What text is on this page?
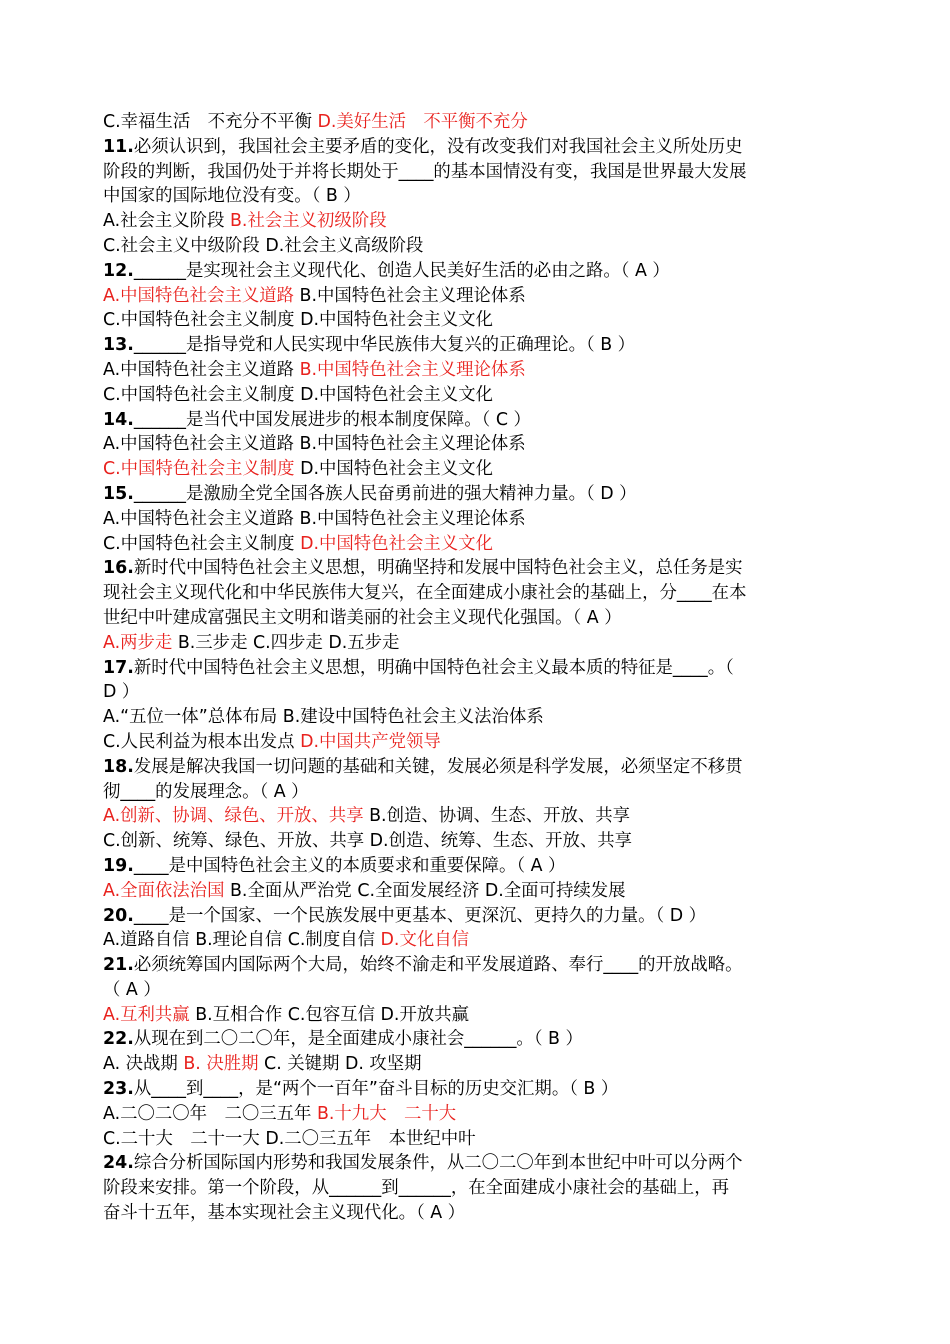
C.幸福生活　不充分不平衡 D.美好生活　不平衡不充分
11.必须认识到，我国社会主要矛盾的变化，没有改变我们对我国社会主义所处历史
阶段的判断，我国仍处于并将长期处于____的基本国情没有变，我国是世界最大发展
中国家的国际地位没有变。（ B ）
A.社会主义阶段 B.社会主义初级阶段
C.社会主义中级阶段 D.社会主义高级阶段
12.______是实现社会主义现代化、创造人民美好生活的必由之路。（ A ）
A.中国特色社会主义道路 B.中国特色社会主义理论体系
C.中国特色社会主义制度 D.中国特色社会主义文化
13.______是指导党和人民实现中华民族伟大复兴的正确理论。（ B ）
A.中国特色社会主义道路 B.中国特色社会主义理论体系
C.中国特色社会主义制度 D.中国特色社会主义文化
14.______是当代中国发展进步的根本制度保障。（ C ）
A.中国特色社会主义道路 B.中国特色社会主义理论体系
C.中国特色社会主义制度 D.中国特色社会主义文化
15.______是激励全党全国各族人民奋勇前进的强大精神力量。（ D ）
A.中国特色社会主义道路 B.中国特色社会主义理论体系
C.中国特色社会主义制度 D.中国特色社会主义文化
16.新时代中国特色社会主义思想，明确坚持和发展中国特色社会主义，总任务是实
现社会主义现代化和中华民族伟大复兴，在全面建成小康社会的基础上，分____在本
世纪中叶建成富强民主文明和谐美丽的社会主义现代化强国。（ A ）
A.两步走 B.三步走 C.四步走 D.五步走
17.新时代中国特色社会主义思想，明确中国特色社会主义最本质的特征是____。（
D ）
A.“五位一体”总体布局 B.建设中国特色社会主义法治体系
C.人民利益为根本出发点 D.中国共产党领导
18.发展是解决我国一切问题的基础和关键，发展必须是科学发展，必须坚定不移贯
彻____的发展理念。（ A ）
A.创新、协调、绿色、开放、共享 B.创造、协调、生态、开放、共享
C.创新、统筹、绿色、开放、共享 D.创造、统筹、生态、开放、共享
19.____是中国特色社会主义的本质要求和重要保障。（ A ）
A.全面依法治国 B.全面从严治党 C.全面发展经济 D.全面可持续发展
20.____是一个国家、一个民族发展中更基本、更深沉、更持久的力量。（ D ）
A.道路自信 B.理论自信 C.制度自信 D.文化自信
21.必须统筹国内国际两个大局，始终不渝走和平发展道路、奉行____的开放战略。
（ A ）
A.互利共赢 B.互相合作 C.包容互信 D.开放共赢
22.从现在到二〇二〇年，是全面建成小康社会______。（ B ）
A. 决战期 B. 决胜期 C. 关键期 D. 攻坚期
23.从____到____，是“两个一百年”奋斗目标的历史交汇期。（ B ）
A.二〇二〇年　二〇三五年 B.十九大　二十大
C.二十大　二十一大 D.二〇三五年　本世纪中叶
24.综合分析国际国内形势和我国发展条件，从二〇二〇年到本世纪中叶可以分两个
阶段来安排。第一个阶段，从______到______，在全面建成小康社会的基础上，再
奋斗十五年，基本实现社会主义现代化。（ A ）
